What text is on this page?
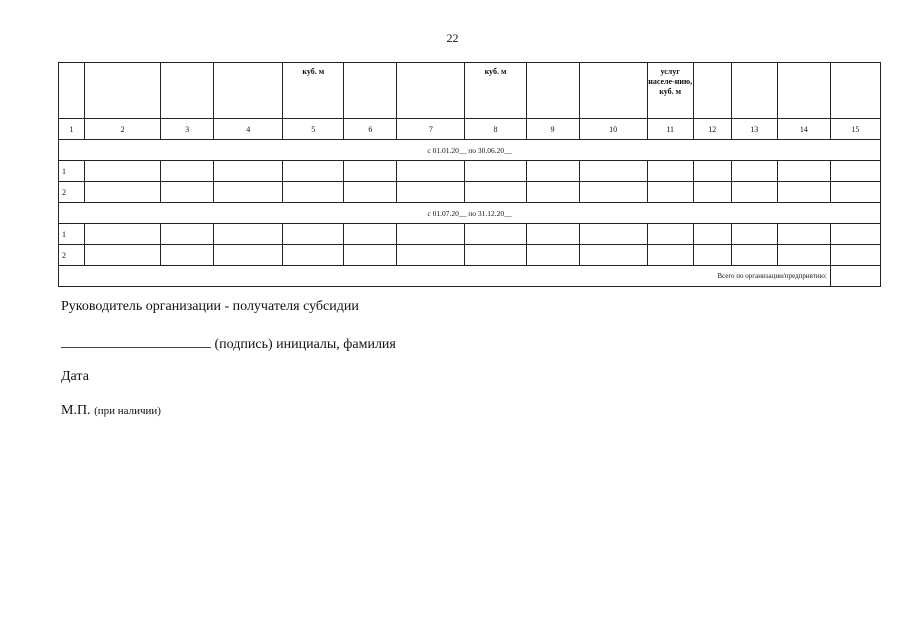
22
				куб. м			куб. м			услуг населе-нию, куб. м				
1	2	3	4	5	6	7	8	9	10	11	12	13	14	15
с 01.01.20__ по 30.06.20__														
1														
2														
с 01.07.20__ по 31.12.20__														
1														
2														
Всего по организации/предприятию:														
Руководитель организации - получателя субсидии
(подпись) инициалы, фамилия
Дата
М.П. (при наличии)
